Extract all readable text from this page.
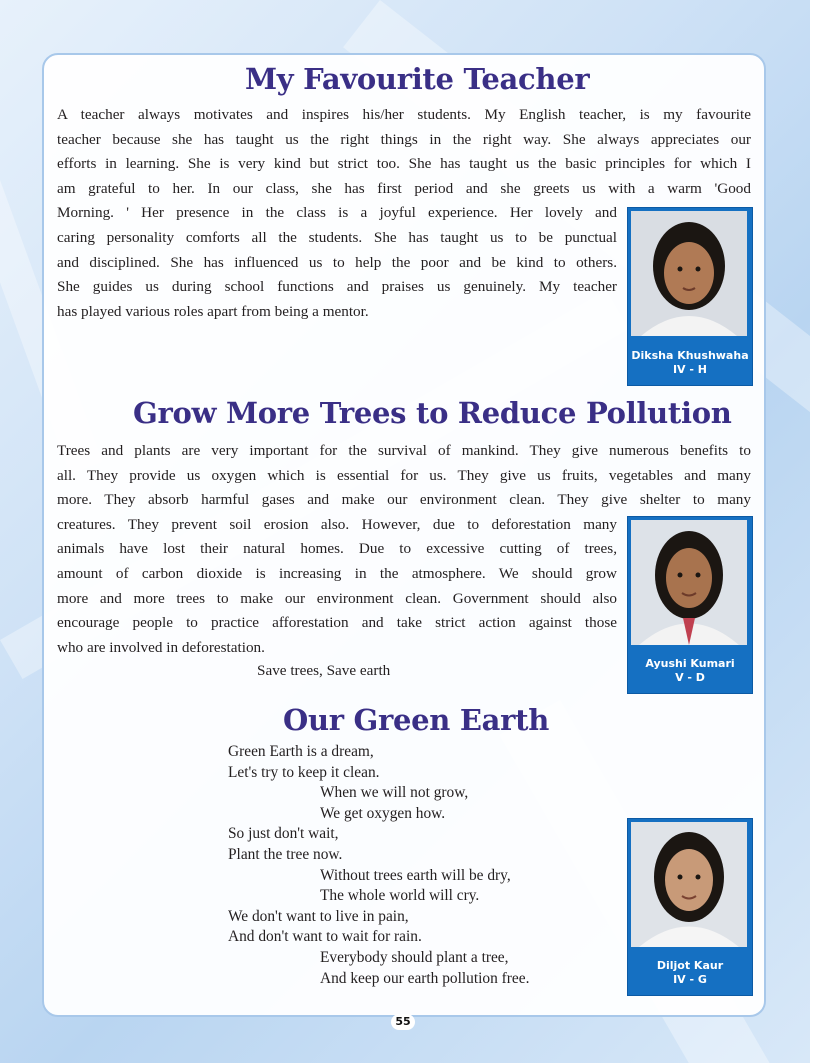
My Favourite Teacher
A teacher always motivates and inspires his/her students. My English teacher, is my favourite
teacher because she has taught us the right things in the right way. She always appreciates our
efforts in learning. She is very kind but strict too. She has taught us the basic principles for which I
am grateful to her. In our class, she has first period and she greets us with a warm 'Good
Morning. ' Her presence in the class is a joyful experience. Her lovely and
caring personality comforts all the students. She has taught us to be punctual
and disciplined. She has influenced us to help the poor and be kind to others.
She guides us during school functions and praises us genuinely. My teacher
has played various roles apart from being a mentor.
Diksha Khushwaha
IV - H
Grow More Trees to Reduce Pollution
Trees and plants are very important for the survival of mankind. They give numerous benefits to
all. They provide us oxygen which is essential for us. They give us fruits, vegetables and many
more. They absorb harmful gases and make our environment clean. They give shelter to many
creatures. They prevent soil erosion also. However, due to deforestation many
animals have lost their natural homes. Due to excessive cutting of trees,
amount of carbon dioxide is increasing in the atmosphere. We should grow
more and more trees to make our environment clean. Government should also
encourage people to practice afforestation and take strict action against those
who are involved in deforestation.
Save trees, Save earth	Ayushi Kumari
V - D
Our Green Earth
Green Earth is a dream,
Let's try to keep it clean.
When we will not grow,
We get oxygen how.
So just don't wait,
Plant the tree now.
Without trees earth will be dry,
The whole world will cry.
We don't want to live in pain,
And don't want to wait for rain.
Everybody should plant a tree,
And keep our earth pollution free.
Diljot Kaur
IV - G
55
